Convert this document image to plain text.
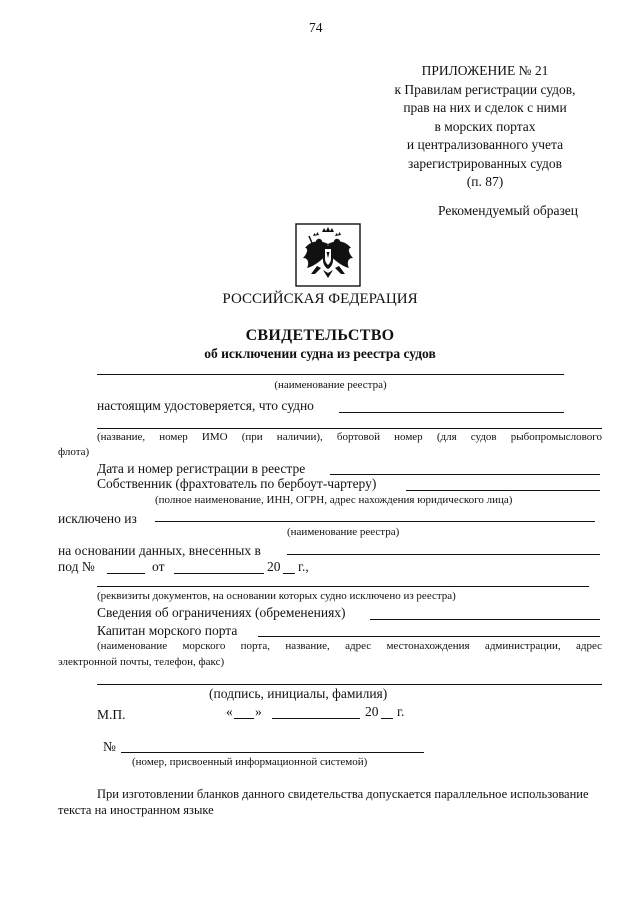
74
ПРИЛОЖЕНИЕ № 21
к Правилам регистрации судов,
прав на них и сделок с ними
в морских портах
и централизованного учета
зарегистрированных судов
(п. 87)
Рекомендуемый образец
РОССИЙСКАЯ ФЕДЕРАЦИЯ
СВИДЕТЕЛЬСТВО
об исключении судна из реестра судов
(наименование реестра)
настоящим удостоверяется, что судно
(название, номер ИМО (при наличии), бортовой номер (для судов рыбопромыслового
флота)
Дата и номер регистрации в реестре
Собственник (фрахтователь по бербоут-чартеру)
(полное наименование, ИНН, ОГРН, адрес нахождения юридического лица)
исключено из
(наименование реестра)
на основании данных, внесенных в
под №	от	20 г.,
(реквизиты документов, на основании которых судно исключено из реестра)
Сведения об ограничениях (обременениях)
Капитан морского порта
(наименование морского порта, название, адрес местонахождения администрации, адрес
электронной почты, телефон, факс)
(подпись, инициалы, фамилия)
М.П.	« »	20 г.
№
(номер, присвоенный информационной системой)
При изготовлении бланков данного свидетельства допускается параллельное использование
текста на иностранном языке
